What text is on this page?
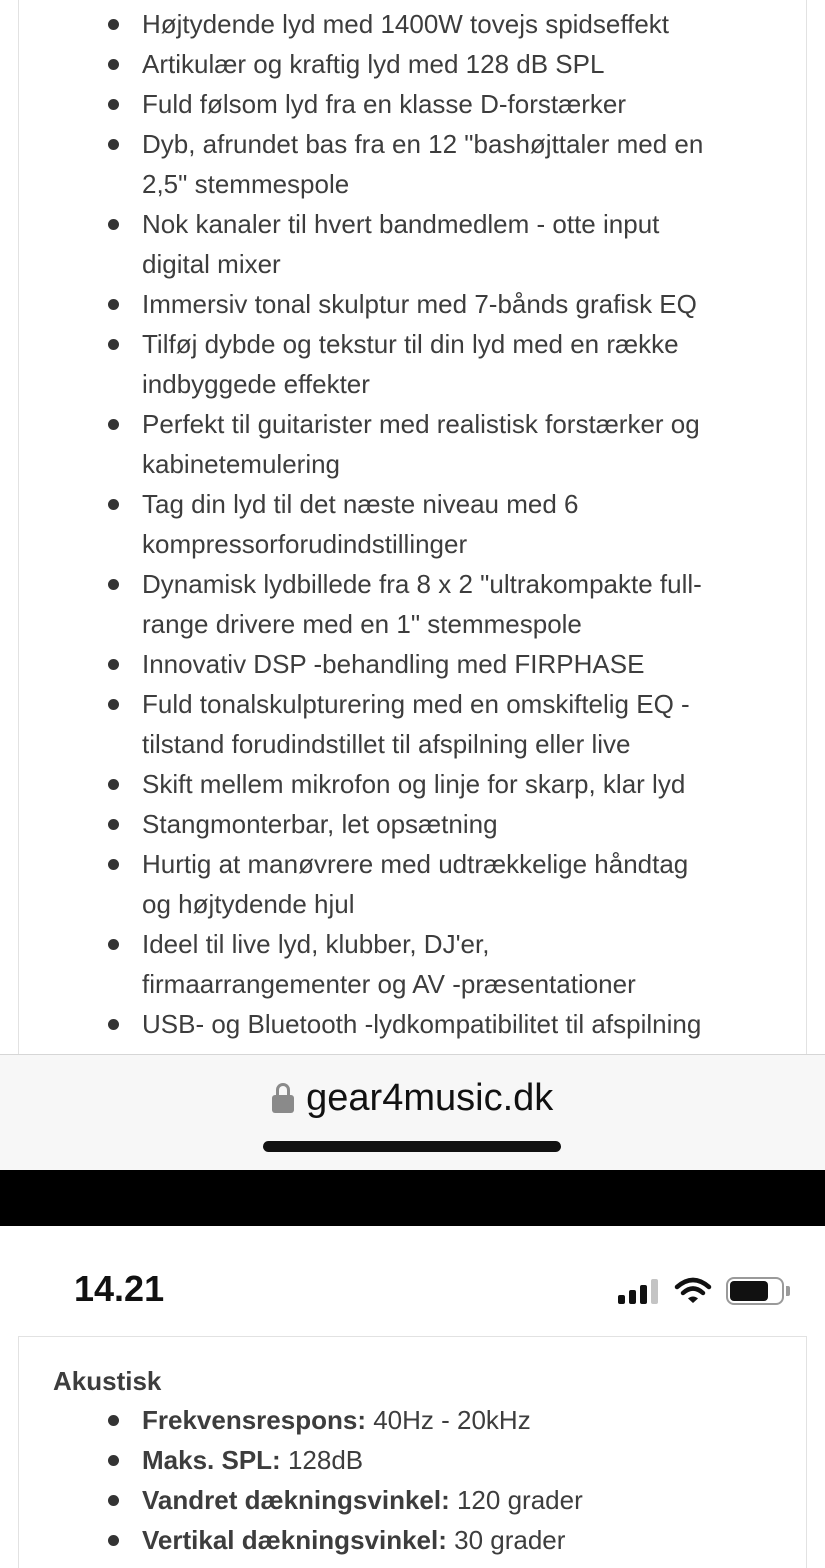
Højtydende lyd med 1400W tovejs spidseffekt
Artikulær og kraftig lyd med 128 dB SPL
Fuld følsom lyd fra en klasse D-forstærker
Dyb, afrundet bas fra en 12 "bashøjttaler med en
2,5" stemmespole
Nok kanaler til hvert bandmedlem - otte input
digital mixer
Immersiv tonal skulptur med 7-bånds grafisk EQ
Tilføj dybde og tekstur til din lyd med en række
indbyggede effekter
Perfekt til guitarister med realistisk forstærker og
kabinetemulering
Tag din lyd til det næste niveau med 6
kompressorforudindstillinger
Dynamisk lydbillede fra 8 x 2 "ultrakompakte full-
range drivere med en 1" stemmespole
Innovativ DSP -behandling med FIRPHASE
Fuld tonalskulpturering med en omskiftelig EQ -
tilstand forudindstillet til afspilning eller live
Skift mellem mikrofon og linje for skarp, klar lyd
Stangmonterbar, let opsætning
Hurtig at manøvrere med udtrækkelige håndtag
og højtydende hjul
Ideel til live lyd, klubber, DJ'er,
firmaarrangementer og AV -præsentationer
USB- og Bluetooth -lydkompatibilitet til afspilning
gear4music.dk
14.21
Akustisk
Frekvensrespons: 40Hz - 20kHz
Maks. SPL: 128dB
Vandret dækningsvinkel: 120 grader
Vertikal dækningsvinkel: 30 grader
